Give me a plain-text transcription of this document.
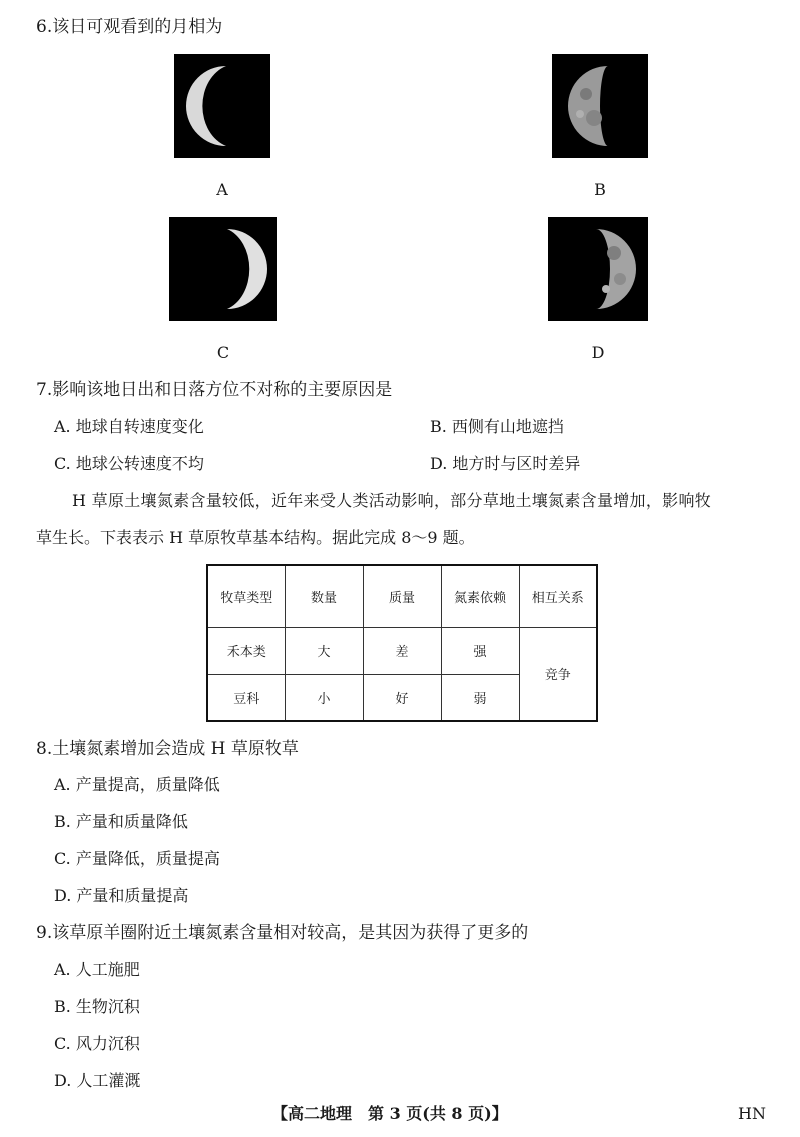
6.该日可观看到的月相为
A	B
C	D
7.影响该地日出和日落方位不对称的主要原因是
A. 地球自转速度变化	B. 西侧有山地遮挡
C. 地球公转速度不均	D. 地方时与区时差异
H 草原土壤氮素含量较低，近年来受人类活动影响，部分草地土壤氮素含量增加，影响牧
草生长。下表表示 H 草原牧草基本结构。据此完成 8～9 题。
牧草类型	数量	质量	氮素依赖	相互关系
禾本类	大	差	强	竞争
豆科	小	好	弱	
8.土壤氮素增加会造成 H 草原牧草
A. 产量提高，质量降低
B. 产量和质量降低
C. 产量降低，质量提高
D. 产量和质量提高
9.该草原羊圈附近土壤氮素含量相对较高，是其因为获得了更多的
A. 人工施肥
B. 生物沉积
C. 风力沉积
D. 人工灌溉
【高二地理　第 3 页(共 8 页)】	HN
